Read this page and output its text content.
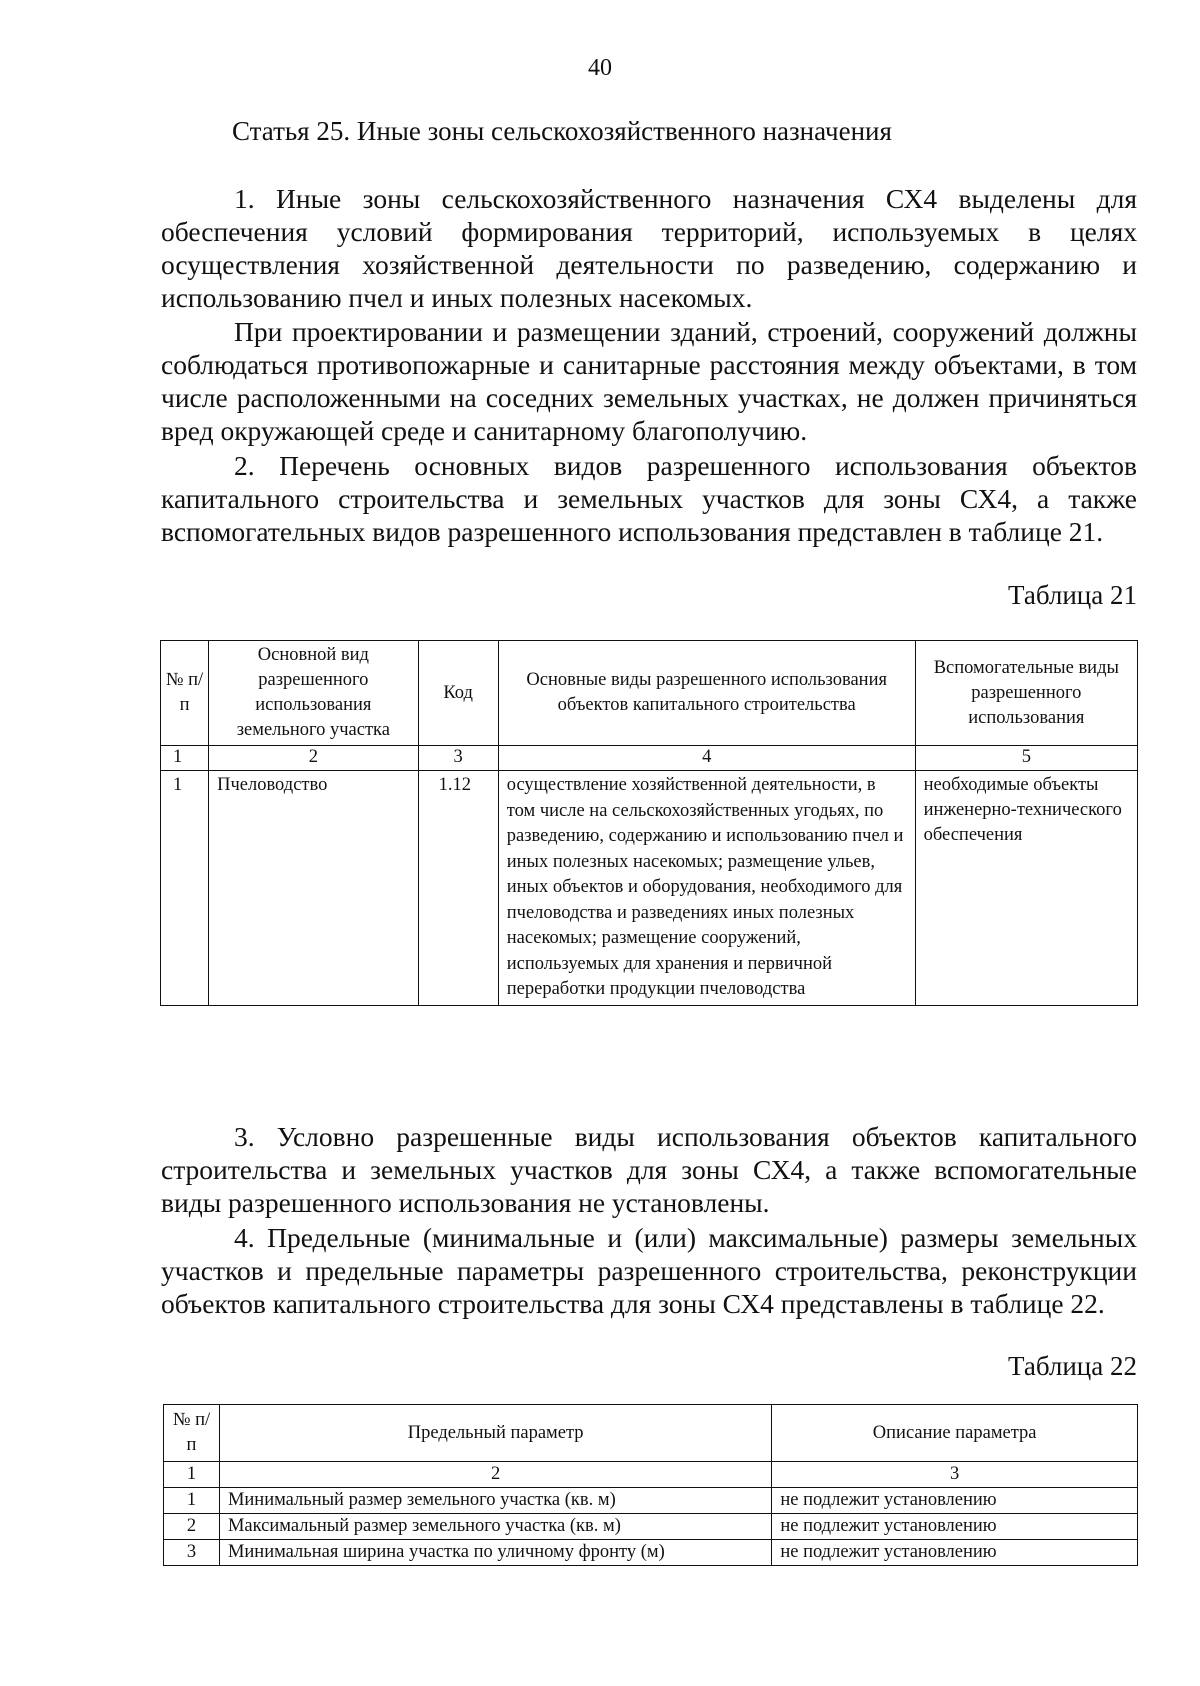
40
Статья 25. Иные зоны сельскохозяйственного назначения

1. Иные зоны сельскохозяйственного назначения СХ4 выделены для обеспечения условий формирования территорий, используемых в целях осуществления хозяйственной деятельности по разведению, содержанию и использованию пчел и иных полезных насекомых.

При проектировании и размещении зданий, строений, сооружений должны соблюдаться противопожарные и санитарные расстояния между объектами, в том числе расположенными на соседних земельных участках, не должен причиняться вред окружающей среде и санитарному благополучию.

2. Перечень основных видов разрешенного использования объектов капитального строительства и земельных участков для зоны СХ4, а также вспомогательных видов разрешенного использования представлен в таблице 21.

Таблица 21
№ п/п	Основной вид разрешенного использования земельного участка	Код	Основные виды разрешенного использования объектов капитального строительства	Вспомогательные виды разрешенного использования
1	2	3	4	5
1	Пчеловодство	1.12	осуществление хозяйственной деятельности, в том числе на сельскохозяйственных угодьях, по разведению, содержанию и использованию пчел и иных полезных насекомых; размещение ульев, иных объектов и оборудования, необходимого для пчеловодства и разведениях иных полезных насекомых; размещение сооружений, используемых для хранения и первичной переработки продукции пчеловодства	необходимые объекты инженерно-технического обеспечения

3. Условно разрешенные виды использования объектов капитального строительства и земельных участков для зоны СХ4, а также вспомогательные виды разрешенного использования не установлены.

4. Предельные (минимальные и (или) максимальные) размеры земельных участков и предельные параметры разрешенного строительства, реконструкции объектов капитального строительства для зоны СХ4 представлены в таблице 22.

Таблица 22
№ п/п	Предельный параметр	Описание параметра
1	2	3
1	Минимальный размер земельного участка (кв. м)	не подлежит установлению
2	Максимальный размер земельного участка (кв. м)	не подлежит установлению
3	Минимальная ширина участка по уличному фронту (м)	не подлежит установлению
